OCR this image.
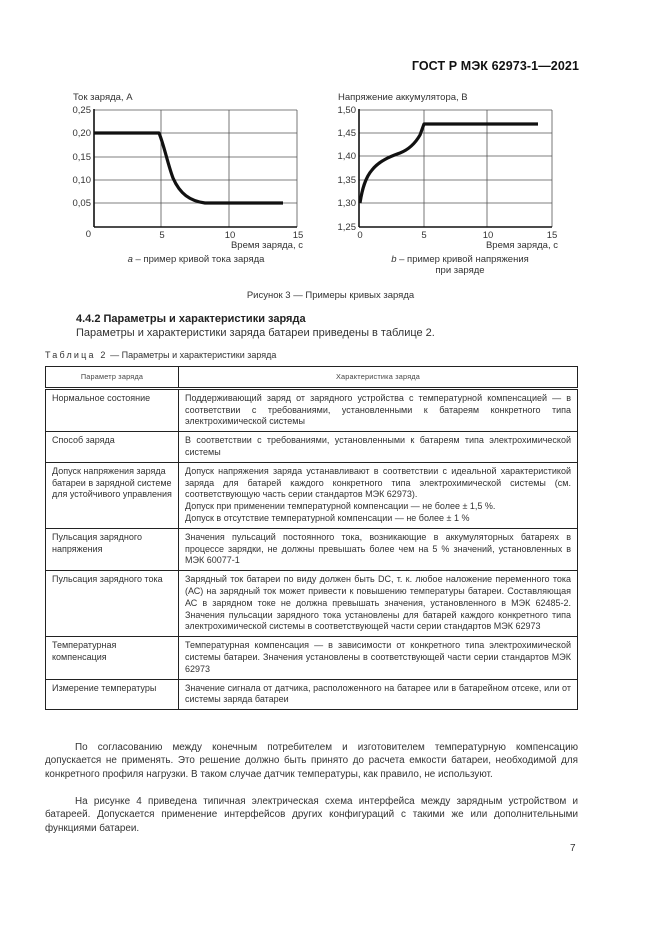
ГОСТ Р МЭК 62973-1—2021
Ток заряда, А
0,25
0,20
0,15
0,10
0,05
0	5	10	15
Время заряда, с
a – пример кривой тока заряда
Напряжение аккумулятора, В
1,50
1,45
1,40
1,35
1,30
1,25
0	5	10	15
Время заряда, с
b – пример кривой напряжения
при заряде
Рисунок 3 — Примеры кривых заряда
4.4.2 Параметры и характеристики заряда
Параметры и характеристики заряда батареи приведены в таблице 2.
Таблица 2 — Параметры и характеристики заряда
Параметр заряда	Характеристика заряда
Нормальное состояние	Поддерживающий заряд от зарядного устройства с температурной компенсацией — в соответствии с требованиями, установленными к батареям конкретного типа электрохимической системы
Способ заряда	В соответствии с требованиями, установленными к батареям типа электрохимической системы
Допуск напряжения заряда батареи в зарядной системе для устойчивого управления	Допуск напряжения заряда устанавливают в соответствии с идеальной характеристикой заряда для батарей каждого конкретного типа электрохимической системы (см. соответствующую часть серии стандартов МЭК 62973).
Допуск при применении температурной компенсации — не более ± 1,5 %.
Допуск в отсутствие температурной компенсации — не более ± 1 %

Пульсация зарядного напряжения	Значения пульсаций постоянного тока, возникающие в аккумуляторных батареях в процессе зарядки, не должны превышать более чем на 5 % значений, установленных в МЭК 60077-1
Пульсация зарядного тока	Зарядный ток батареи по виду должен быть DC, т. к. любое наложение переменного тока (АС) на зарядный ток может привести к повышению температуры батареи. Составляющая АС в зарядном токе не должна превышать значения, установленного в МЭК 62485-2. Значения пульсации зарядного тока установлены для батарей каждого конкретного типа электрохимической системы в соответствующей части серии стандартов МЭК 62973
Температурная компенсация	Температурная компенсация — в зависимости от конкретного типа электрохимической системы батареи. Значения установлены в соответствующей части серии стандартов МЭК 62973
Измерение температуры	Значение сигнала от датчика, расположенного на батарее или в батарейном отсеке, или от системы заряда батареи
По согласованию между конечным потребителем и изготовителем температурную компенсацию допускается не применять. Это решение должно быть принято до расчета емкости батареи, необходимой для конкретного профиля нагрузки. В таком случае датчик температуры, как правило, не используют.
На рисунке 4 приведена типичная электрическая схема интерфейса между зарядным устройством и батареей. Допускается применение интерфейсов других конфигураций с такими же или дополнительными функциями батареи.
7
